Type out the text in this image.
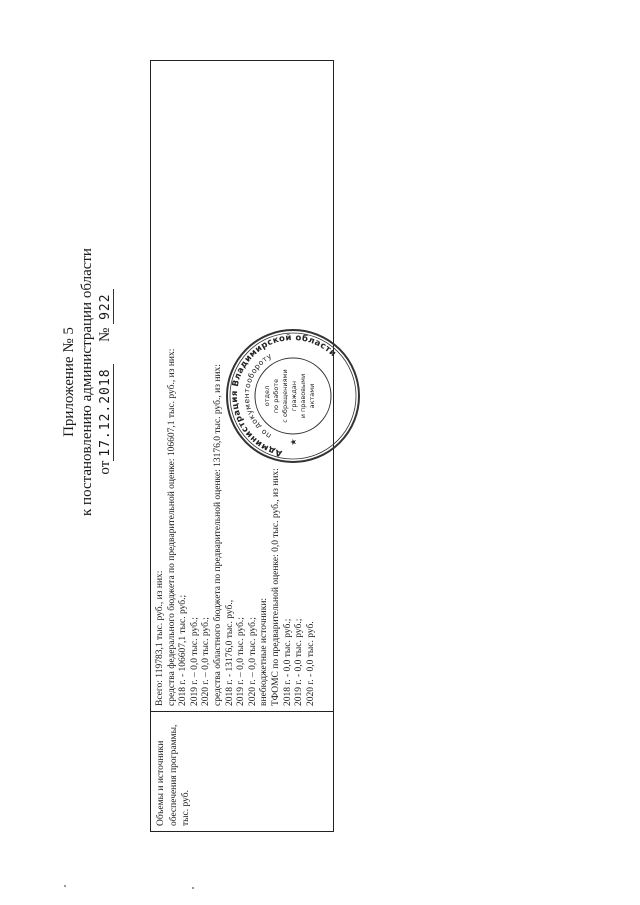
Приложение № 5 к постановлению администрации области от17.12.2018      № 922
Объемы и источники обеспечения программы, тыс. руб.
Всего: 119783,1 тыс. руб., из них: средства федерального бюджета по предварительной оценке: 106607,1 тыс. руб., из них: 2018 г. - 106607,1 тыс. руб.; 2019 г. – 0,0 тыс. руб.; 2020 г. – 0,0 тыс. руб.; средства областного бюджета по предварительной оценке: 13176,0 тыс. руб., из них: 2018 г. - 13176,0 тыс. руб., 2019 г. – 0,0 тыс. руб.; 2020 г. – 0,0 тыс. руб.; внебюджетные источники: ТФОМС по предварительной оценке: 0,0 тыс. руб., из них: 2018 г. - 0,0 тыс. руб.; 2019 г. - 0,0 тыс. руб.; 2020 г. - 0,0 тыс. руб.
Администрация Владимирской области
по документообороту
отдел по работе с обращениями граждан и правовыми актами
★
